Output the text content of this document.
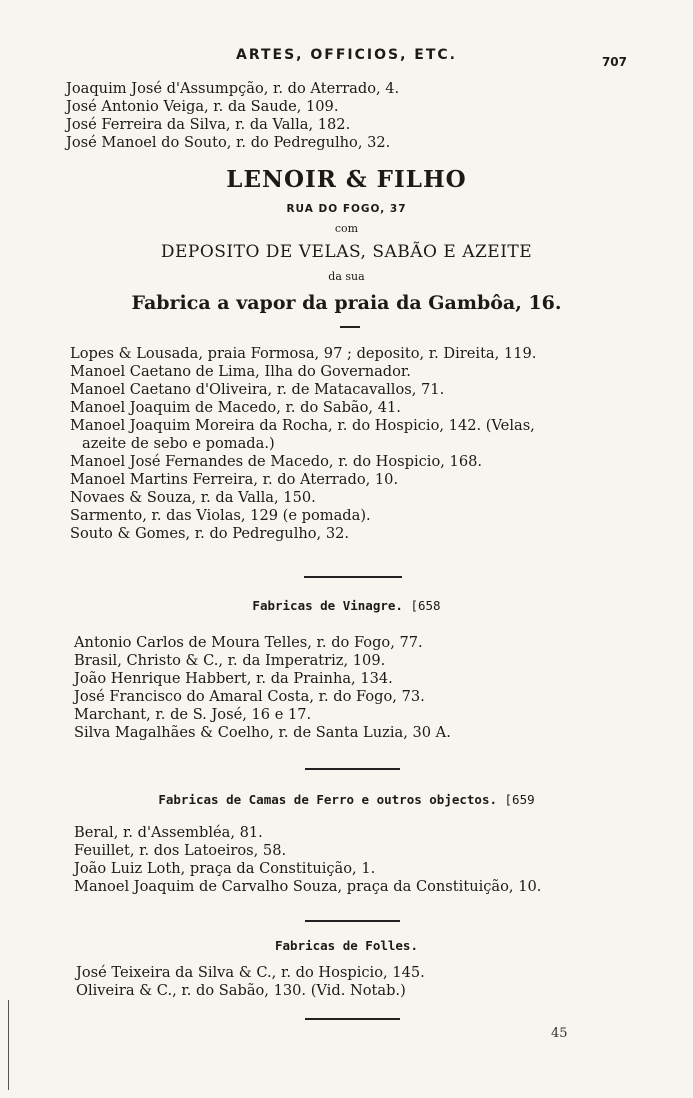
ARTES, OFFICIOS, ETC.	707
Joaquim José d'Assumpção, r. do Aterrado, 4.
José Antonio Veiga, r. da Saude, 109.
José Ferreira da Silva, r. da Valla, 182.
José Manoel do Souto, r. do Pedregulho, 32.
LENOIR & FILHO
RUA DO FOGO, 37
com
DEPOSITO DE VELAS, SABÃO E AZEITE
da sua
Fabrica a vapor da praia da Gambôa, 16.
Lopes & Lousada, praia Formosa, 97 ; deposito, r. Direita, 119.
Manoel Caetano de Lima, Ilha do Governador.
Manoel Caetano d'Oliveira, r. de Matacavallos, 71.
Manoel Joaquim de Macedo, r. do Sabão, 41.
Manoel Joaquim Moreira da Rocha, r. do Hospicio, 142. (Velas,
azeite de sebo e pomada.)
Manoel José Fernandes de Macedo, r. do Hospicio, 168.
Manoel Martins Ferreira, r. do Aterrado, 10.
Novaes & Souza, r. da Valla, 150.
Sarmento, r. das Violas, 129 (e pomada).
Souto & Gomes, r. do Pedregulho, 32.
Fabricas de Vinagre. [658
Antonio Carlos de Moura Telles, r. do Fogo, 77.
Brasil, Christo & C., r. da Imperatriz, 109.
João Henrique Habbert, r. da Prainha, 134.
José Francisco do Amaral Costa, r. do Fogo, 73.
Marchant, r. de S. José, 16 e 17.
Silva Magalhães & Coelho, r. de Santa Luzia, 30 A.
Fabricas de Camas de Ferro e outros objectos. [659
Beral, r. d'Assembléa, 81.
Feuillet, r. dos Latoeiros, 58.
João Luiz Loth, praça da Constituição, 1.
Manoel Joaquim de Carvalho Souza, praça da Constituição, 10.
Fabricas de Folles.
José Teixeira da Silva & C., r. do Hospicio, 145.
Oliveira & C., r. do Sabão, 130. (Vid. Notab.)
45
